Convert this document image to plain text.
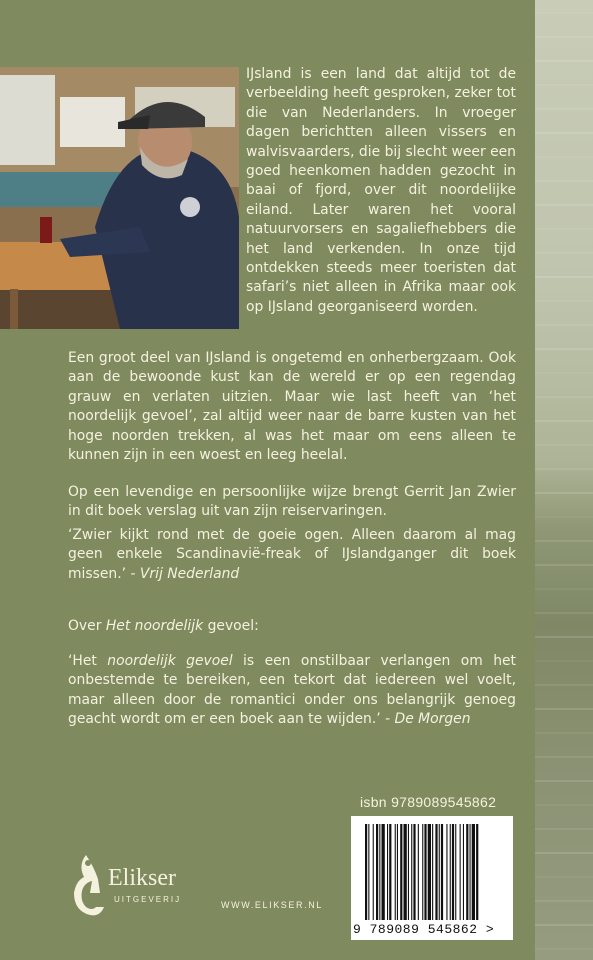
IJsland is een land dat altijd tot de verbeelding heeft gesproken, zeker tot die van Nederlanders. In vroeger dagen berichtten alleen vissers en walvisvaarders, die bij slecht weer een goed heenkomen hadden gezocht in baai of fjord, over dit noordelijke eiland. Later waren het vooral natuurvorsers en sagaliefhebbers die het land verkenden. In onze tijd ontdekken steeds meer toeristen dat safari’s niet alleen in Afrika maar ook op IJsland georganiseerd worden.
Een groot deel van IJsland is ongetemd en onherbergzaam. Ook aan de bewoonde kust kan de wereld er op een regendag grauw en verlaten uitzien. Maar wie last heeft van ‘het noordelijk gevoel’, zal altijd weer naar de barre kusten van het hoge noorden trekken, al was het maar om eens alleen te kunnen zijn in een woest en leeg heelal.
Op een levendige en persoonlijke wijze brengt Gerrit Jan Zwier in dit boek verslag uit van zijn reiservaringen.
‘Zwier kijkt rond met de goeie ogen. Alleen daarom al mag geen enkele Scandinavië-freak of IJslandganger dit boek missen.’ - Vrij Nederland
Over Het noordelijk gevoel:
‘Het noordelijk gevoel is een onstilbaar verlangen om het onbestemde te bereiken, een tekort dat iedereen wel voelt, maar alleen door de romantici onder ons belangrijk genoeg geacht wordt om er een boek aan te wijden.’ - De Morgen
isbn 9789089545862
9 789089 545862 >
Elikser
UITGEVERIJ
WWW.ELIKSER.NL
